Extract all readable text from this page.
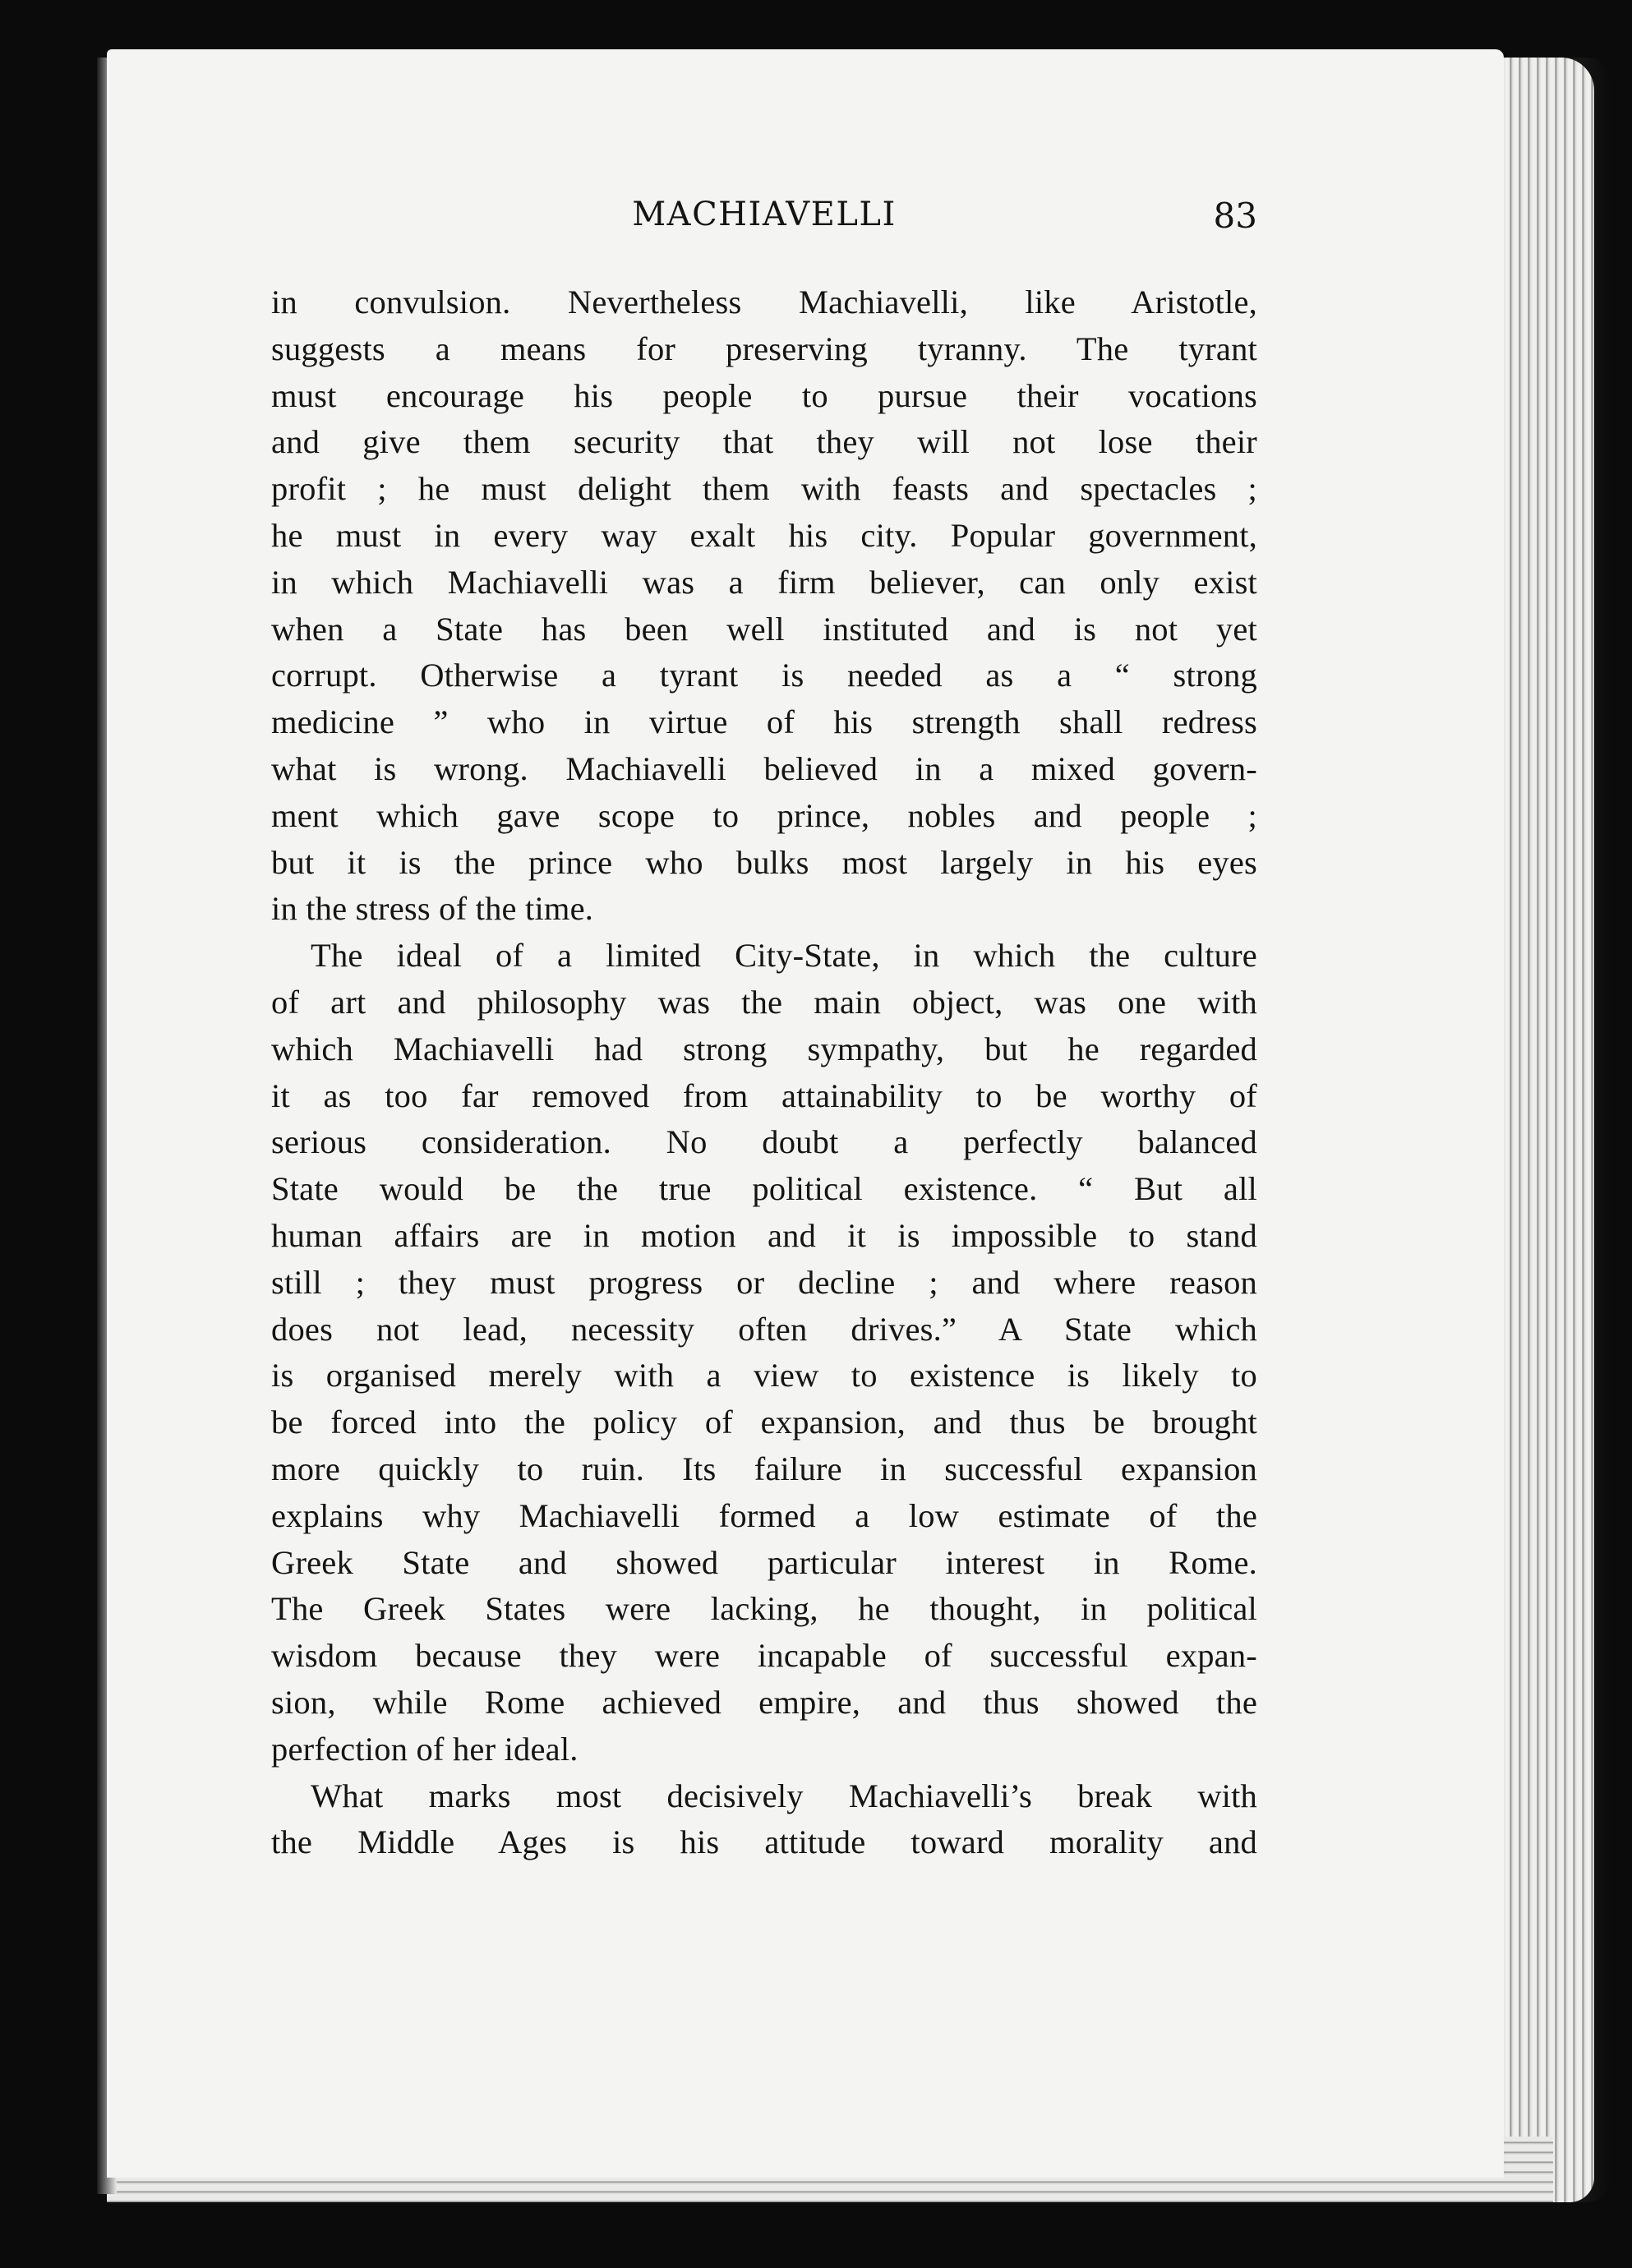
MACHIAVELLI	83
in convulsion. Nevertheless Machiavelli, like Aristotle,
suggests a means for preserving tyranny. The tyrant
must encourage his people to pursue their vocations
and give them security that they will not lose their
profit ; he must delight them with feasts and spectacles ;
he must in every way exalt his city. Popular government,
in which Machiavelli was a firm believer, can only exist
when a State has been well instituted and is not yet
corrupt. Otherwise a tyrant is needed as a “ strong
medicine ” who in virtue of his strength shall redress
what is wrong. Machiavelli believed in a mixed govern-
ment which gave scope to prince, nobles and people ;
but it is the prince who bulks most largely in his eyes
in the stress of the time.
The ideal of a limited City-State, in which the culture
of art and philosophy was the main object, was one with
which Machiavelli had strong sympathy, but he regarded
it as too far removed from attainability to be worthy of
serious consideration. No doubt a perfectly balanced
State would be the true political existence. “ But all
human affairs are in motion and it is impossible to stand
still ; they must progress or decline ; and where reason
does not lead, necessity often drives.” A State which
is organised merely with a view to existence is likely to
be forced into the policy of expansion, and thus be brought
more quickly to ruin. Its failure in successful expansion
explains why Machiavelli formed a low estimate of the
Greek State and showed particular interest in Rome.
The Greek States were lacking, he thought, in political
wisdom because they were incapable of successful expan-
sion, while Rome achieved empire, and thus showed the
perfection of her ideal.
What marks most decisively Machiavelli’s break with
the Middle Ages is his attitude toward morality and
